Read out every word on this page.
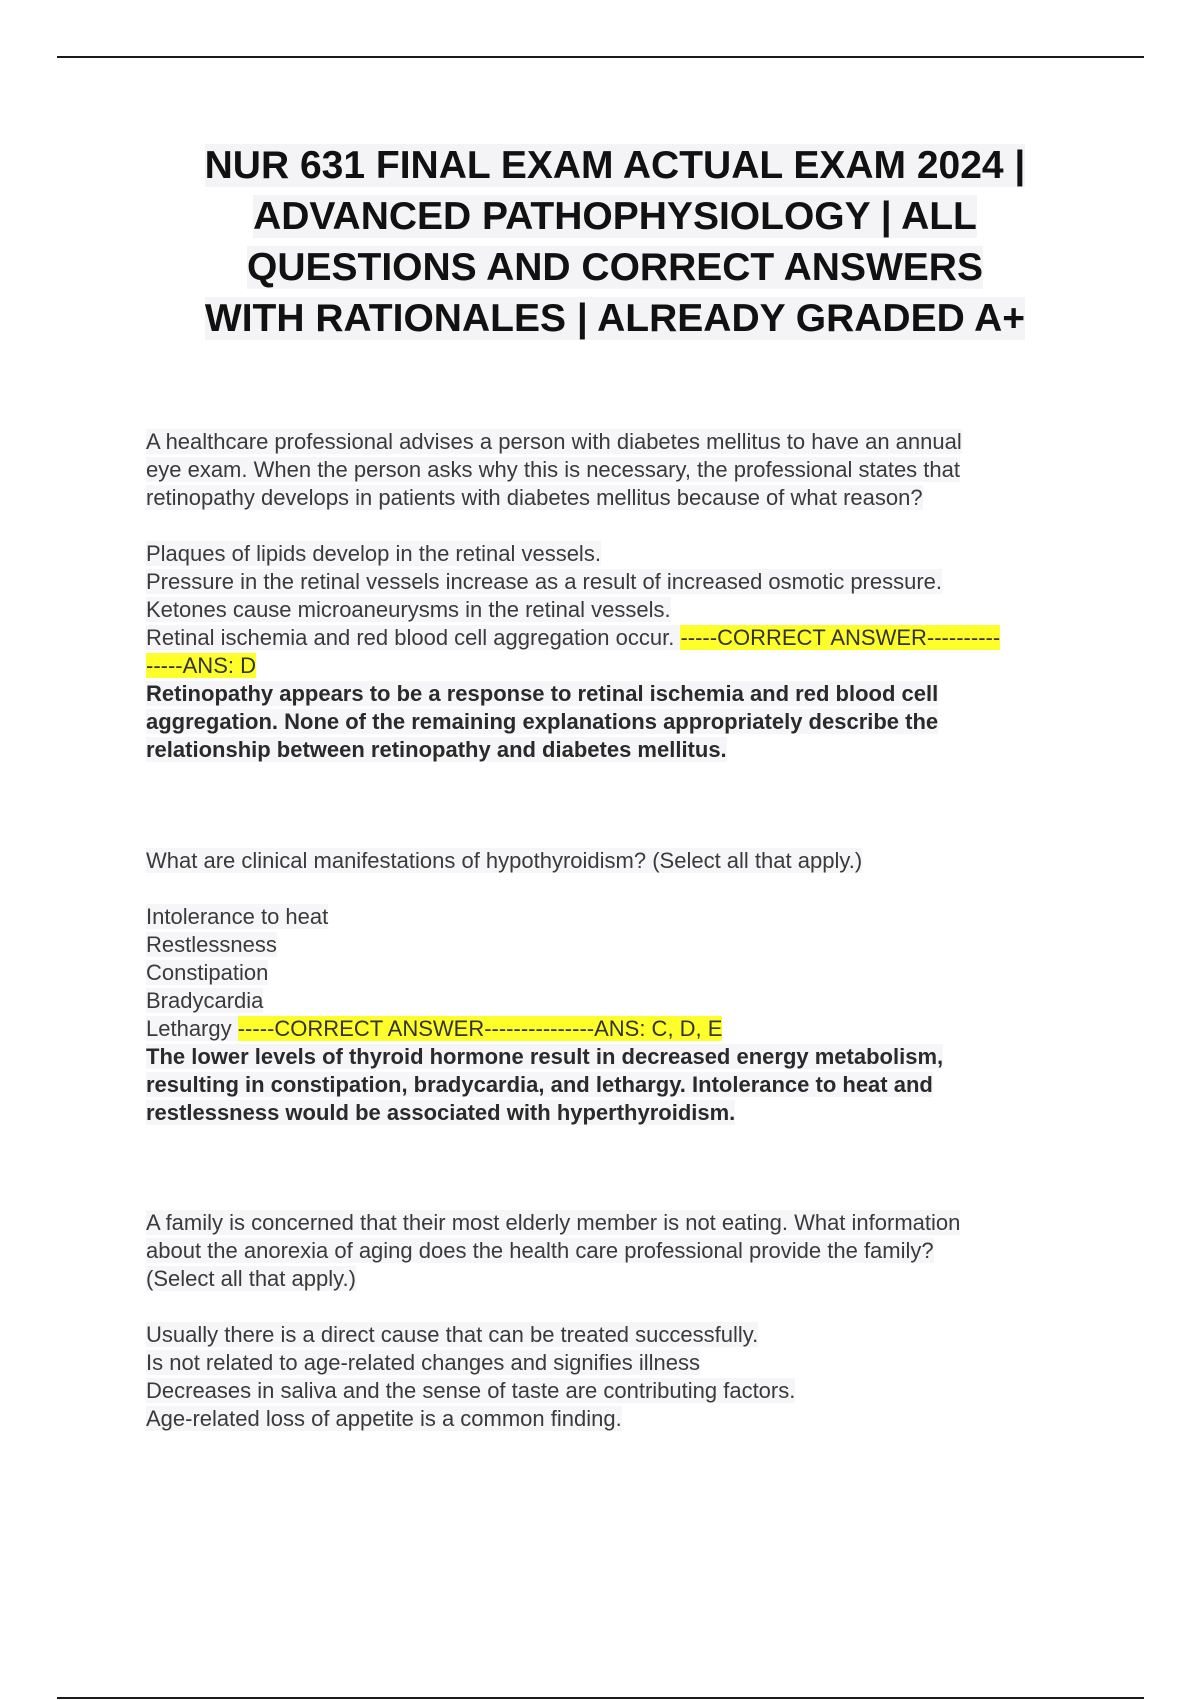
NUR 631 FINAL EXAM ACTUAL EXAM 2024 |
ADVANCED PATHOPHYSIOLOGY | ALL
QUESTIONS AND CORRECT ANSWERS
WITH RATIONALES | ALREADY GRADED A+

A healthcare professional advises a person with diabetes mellitus to have an annual
eye exam. When the person asks why this is necessary, the professional states that
retinopathy develops in patients with diabetes mellitus because of what reason?

Plaques of lipids develop in the retinal vessels.
Pressure in the retinal vessels increase as a result of increased osmotic pressure.
Ketones cause microaneurysms in the retinal vessels.
Retinal ischemia and red blood cell aggregation occur. -----CORRECT ANSWER----------
-----ANS: D

Retinopathy appears to be a response to retinal ischemia and red blood cell
aggregation. None of the remaining explanations appropriately describe the
relationship between retinopathy and diabetes mellitus.

What are clinical manifestations of hypothyroidism? (Select all that apply.)

Intolerance to heat
Restlessness
Constipation
Bradycardia
Lethargy -----CORRECT ANSWER---------------ANS: C, D, E

The lower levels of thyroid hormone result in decreased energy metabolism,
resulting in constipation, bradycardia, and lethargy. Intolerance to heat and
restlessness would be associated with hyperthyroidism.

A family is concerned that their most elderly member is not eating. What information
about the anorexia of aging does the health care professional provide the family?
(Select all that apply.)

Usually there is a direct cause that can be treated successfully.
Is not related to age-related changes and signifies illness
Decreases in saliva and the sense of taste are contributing factors.
Age-related loss of appetite is a common finding.
